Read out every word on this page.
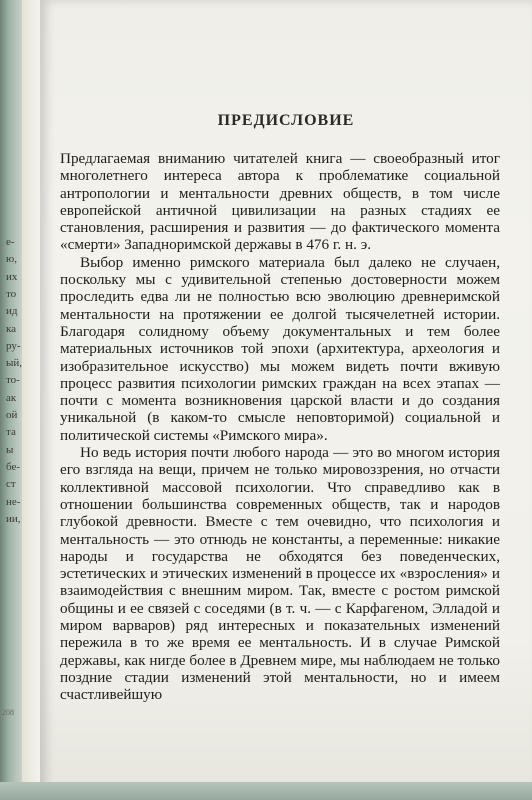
е-
ю,
их
то
ид
ка
ру-
ый,
то-
ак
ой
та
ы
бе-
ст
не-
ии,
208

ПРЕДИСЛОВИЕ

Предлагаемая вниманию читателей книга — своеобразный итог многолетнего интереса автора к проблематике социальной антропологии и ментальности древних обществ, в том числе европейской античной цивилизации на разных стадиях ее становления, расширения и развития — до фактического момента «смерти» Западноримской державы в 476 г. н. э.

Выбор именно римского материала был далеко не случаен, поскольку мы с удивительной степенью достоверности можем проследить едва ли не полностью всю эволюцию древнеримской ментальности на протяжении ее долгой тысячелетней истории. Благодаря солидному объему документальных и тем более материальных источников той эпохи (архитектура, археология и изобразительное искусство) мы можем видеть почти вживую процесс развития психологии римских граждан на всех этапах — почти с момента возникновения царской власти и до создания уникальной (в каком-то смысле неповторимой) социальной и политической системы «Римского мира».

Но ведь история почти любого народа — это во многом история его взгляда на вещи, причем не только мировоззрения, но отчасти коллективной массовой психологии. Что справедливо как в отношении большинства современных обществ, так и народов глубокой древности. Вместе с тем очевидно, что психология и ментальность — это отнюдь не константы, а переменные: никакие народы и государства не обходятся без поведенческих, эстетических и этических изменений в процессе их «взросления» и взаимодействия с внешним миром. Так, вместе с ростом римской общины и ее связей с соседями (в т. ч. — с Карфагеном, Элладой и миром варваров) ряд интересных и показательных изменений пережила в то же время ее ментальность. И в случае Римской державы, как нигде более в Древнем мире, мы наблюдаем не только поздние стадии изменений этой ментальности, но и имеем счастливейшую
